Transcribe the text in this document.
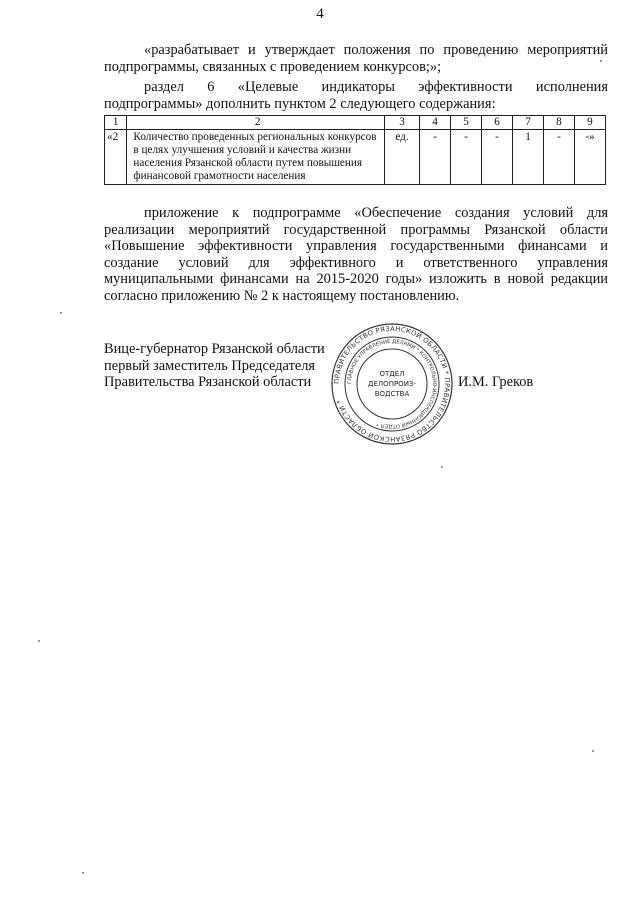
4

«разрабатывает и утверждает положения по проведению мероприятий подпрограммы, связанных с проведением конкурсов;»;

раздел 6 «Целевые индикаторы эффективности исполнения подпрограммы» дополнить пунктом 2 следующего содержания:

1	2	3	4	5	6	7	8	9
«2	Количество проведенных региональных конкурсов в целях улучшения условий и качества жизни населения Рязанской области путем повышения финансовой грамотности населения	ед.	-	-	-	1	-	-»

приложение к подпрограмме «Обеспечение создания условий для реализации мероприятий государственной программы Рязанской области «Повышение эффективности управления государственными финансами и создание условий для эффективного и ответственного управления муниципальными финансами на 2015-2020 годы» изложить в новой редакции согласно приложению № 2 к настоящему постановлению.

Вице-губернатор Рязанской области
первый заместитель Председателя
Правительства Рязанской области	И.М. Греков
ПРАВИТЕЛЬСТВО РЯЗАНСКОЙ ОБЛАСТИ * ПРАВИТЕЛЬСТВО РЯЗАНСКОЙ ОБЛАСТИ *
ГЛАВНОЕ УПРАВЛЕНИЕ ДЕЛАМИ * КОНТРОЛЬНО-ИНСПЕКЦИОННЫЙ ОТДЕЛ *
ОТДЕЛ
ДЕЛОПРОИЗ-
ВОДСТВА
